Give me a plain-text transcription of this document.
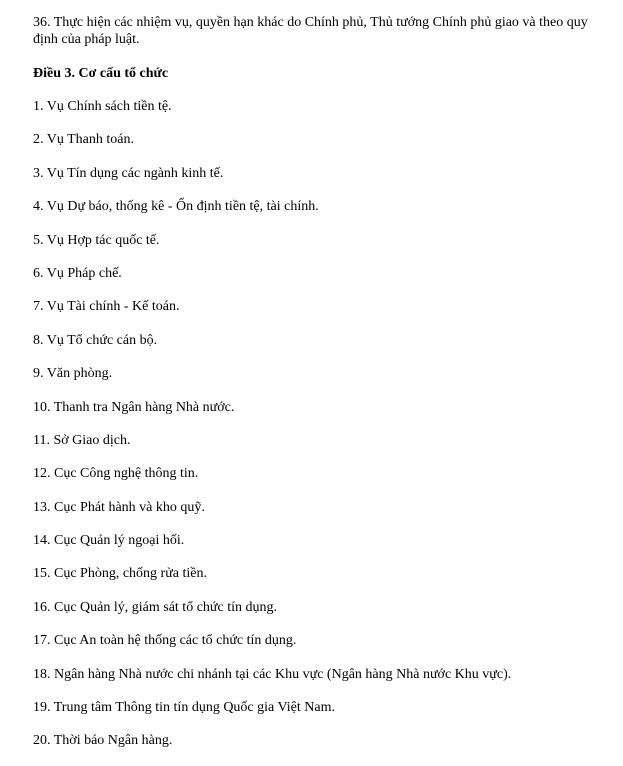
36. Thực hiện các nhiệm vụ, quyền hạn khác do Chính phủ, Thủ tướng Chính phủ giao và theo quy định của pháp luật.

Điều 3. Cơ cấu tổ chức

1. Vụ Chính sách tiền tệ.
2. Vụ Thanh toán.
3. Vụ Tín dụng các ngành kinh tế.
4. Vụ Dự báo, thống kê - Ổn định tiền tệ, tài chính.
5. Vụ Hợp tác quốc tế.
6. Vụ Pháp chế.
7. Vụ Tài chính - Kế toán.
8. Vụ Tổ chức cán bộ.
9. Văn phòng.
10. Thanh tra Ngân hàng Nhà nước.
11. Sở Giao dịch.
12. Cục Công nghệ thông tin.
13. Cục Phát hành và kho quỹ.
14. Cục Quản lý ngoại hối.
15. Cục Phòng, chống rửa tiền.
16. Cục Quản lý, giám sát tổ chức tín dụng.
17. Cục An toàn hệ thống các tổ chức tín dụng.
18. Ngân hàng Nhà nước chi nhánh tại các Khu vực (Ngân hàng Nhà nước Khu vực).
19. Trung tâm Thông tin tín dụng Quốc gia Việt Nam.
20. Thời báo Ngân hàng.
